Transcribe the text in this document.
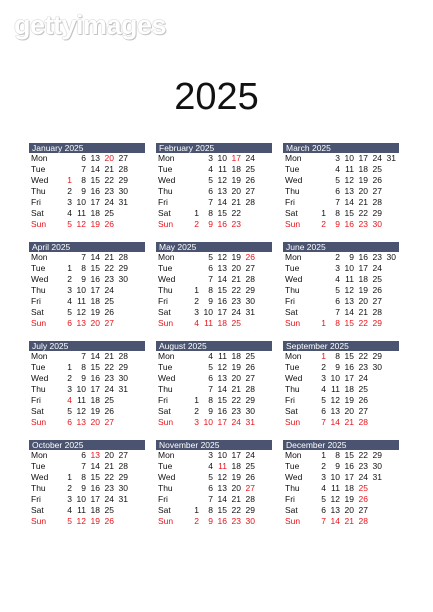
gettyimages
2025
January 2025
Mon	6 13 20 27
Tue	7 14 21 28
Wed	1	8 15 22 29
Thu	2	9 16 23 30
Fri	3 10 17 24 31
Sat	4 11 18 25
Sun	5 12 19 26
February 2025
Mon	3 10 17 24
Tue	4 11 18 25
Wed	5 12 19 26
Thu	6 13 20 27
Fri	7 14 21 28
Sat	1	8 15 22
Sun	2	9 16 23
March 2025
Mon	3 10 17 24 31
Tue	4 11 18 25
Wed	5 12 19 26
Thu	6 13 20 27
Fri	7 14 21 28
Sat	1	8 15 22 29
Sun	2	9 16 23 30
April 2025
Mon	7 14 21 28
Tue	1	8 15 22 29
Wed	2	9 16 23 30
Thu	3 10 17 24
Fri	4 11 18 25
Sat	5 12 19 26
Sun	6 13 20 27
May 2025
Mon	5 12 19 26
Tue	6 13 20 27
Wed	7 14 21 28
Thu	1	8 15 22 29
Fri	2	9 16 23 30
Sat	3 10 17 24 31
Sun	4 11 18 25
June 2025
Mon	2	9 16 23 30
Tue	3 10 17 24
Wed	4 11 18 25
Thu	5 12 19 26
Fri	6 13 20 27
Sat	7 14 21 28
Sun	1	8 15 22 29
July 2025
Mon	7 14 21 28
Tue	1	8 15 22 29
Wed	2	9 16 23 30
Thu	3 10 17 24 31
Fri	4 11 18 25
Sat	5 12 19 26
Sun	6 13 20 27
August 2025
Mon	4 11 18 25
Tue	5 12 19 26
Wed	6 13 20 27
Thu	7 14 21 28
Fri	1	8 15 22 29
Sat	2	9 16 23 30
Sun	3 10 17 24 31
September 2025
Mon	1	8 15 22 29
Tue	2	9 16 23 30
Wed	3 10 17 24
Thu	4 11 18 25
Fri	5 12 19 26
Sat	6 13 20 27
Sun	7 14 21 28
October 2025
Mon	6 13 20 27
Tue	7 14 21 28
Wed	1	8 15 22 29
Thu	2	9 16 23 30
Fri	3 10 17 24 31
Sat	4 11 18 25
Sun	5 12 19 26
November 2025
Mon	3 10 17 24
Tue	4 11 18 25
Wed	5 12 19 26
Thu	6 13 20 27
Fri	7 14 21 28
Sat	1	8 15 22 29
Sun	2	9 16 23 30
December 2025
Mon	1	8 15 22 29
Tue	2	9 16 23 30
Wed	3 10 17 24 31
Thu	4 11 18 25
Fri	5 12 19 26
Sat	6 13 20 27
Sun	7 14 21 28
